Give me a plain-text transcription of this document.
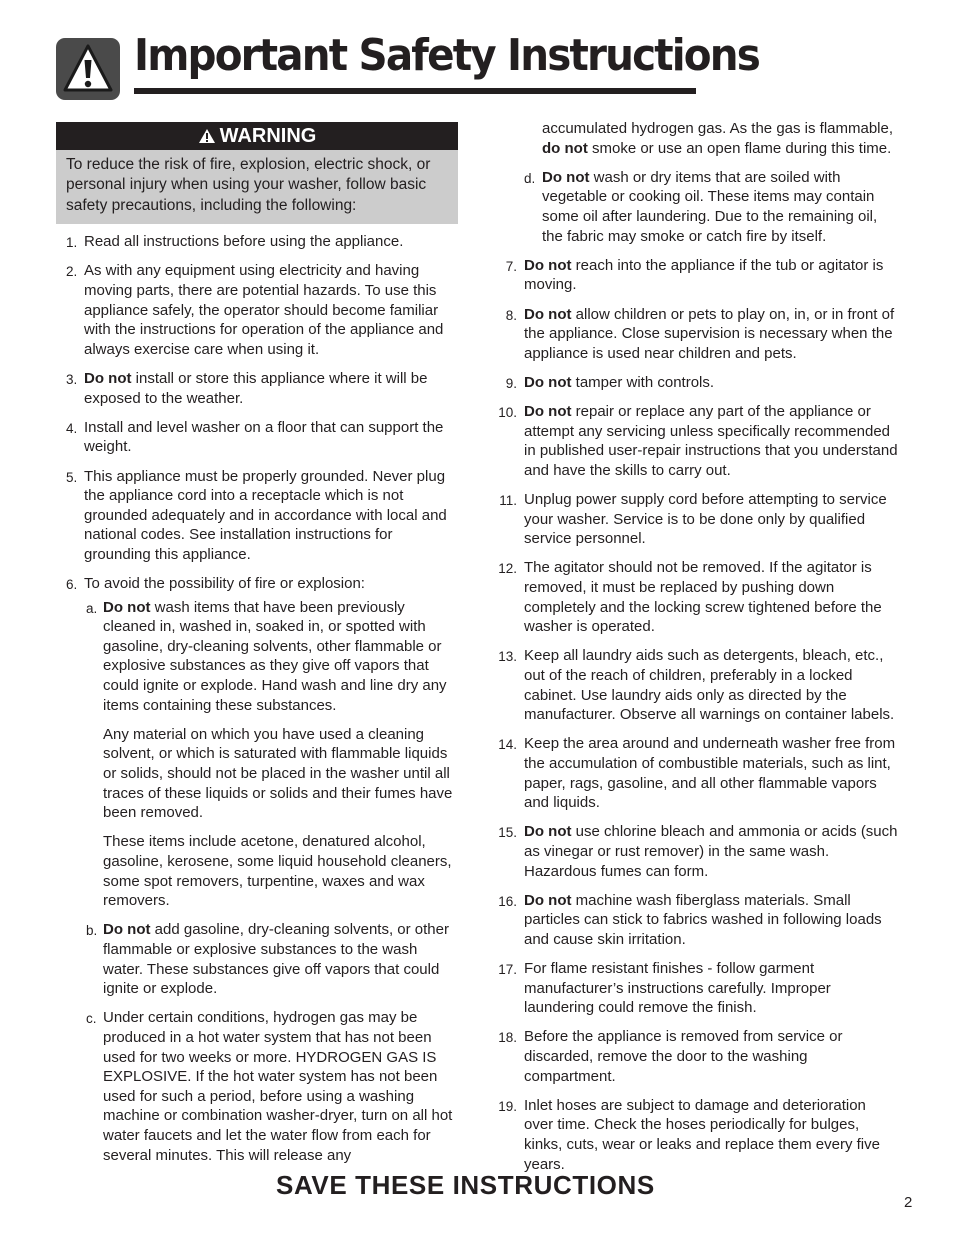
Important Safety Instructions
WARNING
To reduce the risk of fire, explosion, electric shock, or personal injury when using your washer, follow basic safety precautions, including the following:
1. Read all instructions before using the appliance.
2. As with any equipment using electricity and having moving parts, there are potential hazards. To use this appliance safely, the operator should become familiar with the instructions for operation of the appliance and always exercise care when using it.
3. Do not install or store this appliance where it will be exposed to the weather.
4. Install and level washer on a floor that can support the weight.
5. This appliance must be properly grounded. Never plug the appliance cord into a receptacle which is not grounded adequately and in accordance with local and national codes. See installation instructions for grounding this appliance.
6. To avoid the possibility of fire or explosion:
a. Do not wash items that have been previously cleaned in, washed in, soaked in, or spotted with gasoline, dry-cleaning solvents, other flammable or explosive substances as they give off vapors that could ignite or explode. Hand wash and line dry any items containing these substances.
Any material on which you have used a cleaning solvent, or which is saturated with flammable liquids or solids, should not be placed in the washer until all traces of these liquids or solids and their fumes have been removed.
These items include acetone, denatured alcohol, gasoline, kerosene, some liquid household cleaners, some spot removers, turpentine, waxes and wax removers.
b. Do not add gasoline, dry-cleaning solvents, or other flammable or explosive substances to the wash water. These substances give off vapors that could ignite or explode.
c. Under certain conditions, hydrogen gas may be produced in a hot water system that has not been used for two weeks or more. HYDROGEN GAS IS EXPLOSIVE. If the hot water system has not been used for such a period, before using a washing machine or combination washer-dryer, turn on all hot water faucets and let the water flow from each for several minutes. This will release any
accumulated hydrogen gas. As the gas is flammable, do not smoke or use an open flame during this time.
d. Do not wash or dry items that are soiled with vegetable or cooking oil. These items may contain some oil after laundering. Due to the remaining oil, the fabric may smoke or catch fire by itself.
7. Do not reach into the appliance if the tub or agitator is moving.
8. Do not allow children or pets to play on, in, or in front of the appliance. Close supervision is necessary when the appliance is used near children and pets.
9. Do not tamper with controls.
10. Do not repair or replace any part of the appliance or attempt any servicing unless specifically recommended in published user-repair instructions that you understand and have the skills to carry out.
11. Unplug power supply cord before attempting to service your washer. Service is to be done only by qualified service personnel.
12. The agitator should not be removed. If the agitator is removed, it must be replaced by pushing down completely and the locking screw tightened before the washer is operated.
13. Keep all laundry aids such as detergents, bleach, etc., out of the reach of children, preferably in a locked cabinet. Use laundry aids only as directed by the manufacturer. Observe all warnings on container labels.
14. Keep the area around and underneath washer free from the accumulation of combustible materials, such as lint, paper, rags, gasoline, and all other flammable vapors and liquids.
15. Do not use chlorine bleach and ammonia or acids (such as vinegar or rust remover) in the same wash. Hazardous fumes can form.
16. Do not machine wash fiberglass materials. Small particles can stick to fabrics washed in following loads and cause skin irritation.
17. For flame resistant finishes - follow garment manufacturer’s instructions carefully. Improper laundering could remove the finish.
18. Before the appliance is removed from service or discarded, remove the door to the washing compartment.
19. Inlet hoses are subject to damage and deterioration over time. Check the hoses periodically for bulges, kinks, cuts, wear or leaks and replace them every five years.
SAVE THESE INSTRUCTIONS
2
